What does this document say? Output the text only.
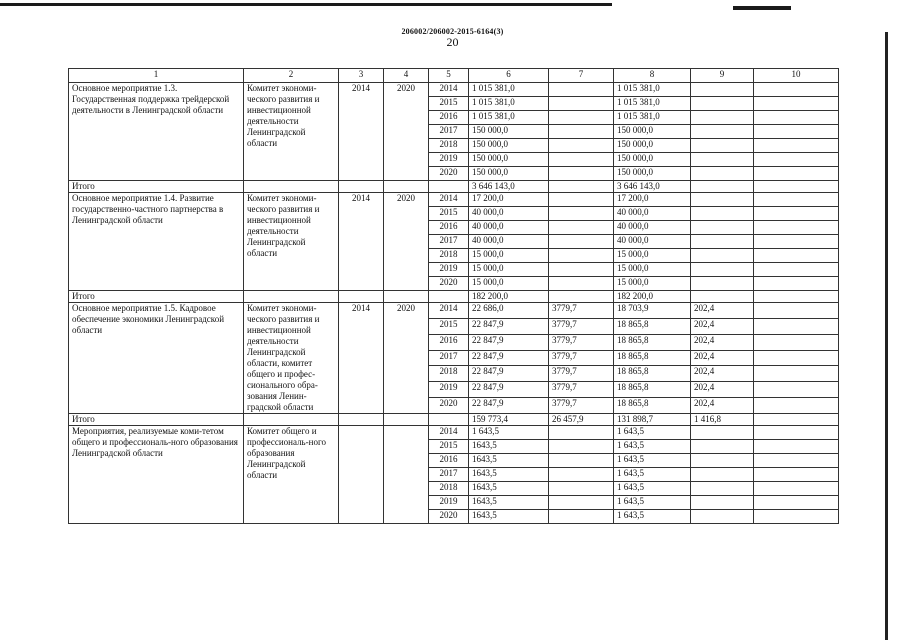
206002/206002-2015-6164(3)
20
1	2	3	4	5	6	7	8	9	10
Основное мероприятие 1.3. Государственная поддержка трейдерской деятельности в Ленинградской области	Комитет экономи-ческого развития и инвестиционной деятельности Ленинградской области	2014	2020	2014	1 015 381,0		1 015 381,0		
				2015	1 015 381,0		1 015 381,0		
				2016	1 015 381,0		1 015 381,0		
				2017	150 000,0		150 000,0		
				2018	150 000,0		150 000,0		
				2019	150 000,0		150 000,0		
				2020	150 000,0		150 000,0		
Итого					3 646 143,0		3 646 143,0		
Основное мероприятие 1.4. Развитие государственно-частного партнерства в Ленинградской области	Комитет экономи-ческого развития и инвестиционной деятельности Ленинградской области	2014	2020	2014	17 200,0		17 200,0		
				2015	40 000,0		40 000,0		
				2016	40 000,0		40 000,0		
				2017	40 000,0		40 000,0		
				2018	15 000,0		15 000,0		
				2019	15 000,0		15 000,0		
				2020	15 000,0		15 000,0		
Итого					182 200,0		182 200,0		
Основное мероприятие 1.5. Кадровое обеспечение экономики Ленинградской области	Комитет экономи-ческого развития и инвестиционной деятельности Ленинградской области, комитет общего и профес-сионального обра-зования Ленин-градской области	2014	2020	2014	22 686,0	3779,7	18 703,9	202,4	
				2015	22 847,9	3779,7	18 865,8	202,4	
				2016	22 847,9	3779,7	18 865,8	202,4	
				2017	22 847,9	3779,7	18 865,8	202,4	
				2018	22 847,9	3779,7	18 865,8	202,4	
				2019	22 847,9	3779,7	18 865,8	202,4	
				2020	22 847,9	3779,7	18 865,8	202,4	
Итого					159 773,4	26 457,9	131 898,7	1 416,8	
Мероприятия, реализуемые коми-тетом общего и профессиональ-ного образования Ленинградской области	Комитет общего и профессиональ-ного образования Ленинградской области			2014	1 643,5		1 643,5		
				2015	1643,5		1 643,5		
				2016	1643,5		1 643,5		
				2017	1643,5		1 643,5		
				2018	1643,5		1 643,5		
				2019	1643,5		1 643,5		
				2020	1643,5		1 643,5		
